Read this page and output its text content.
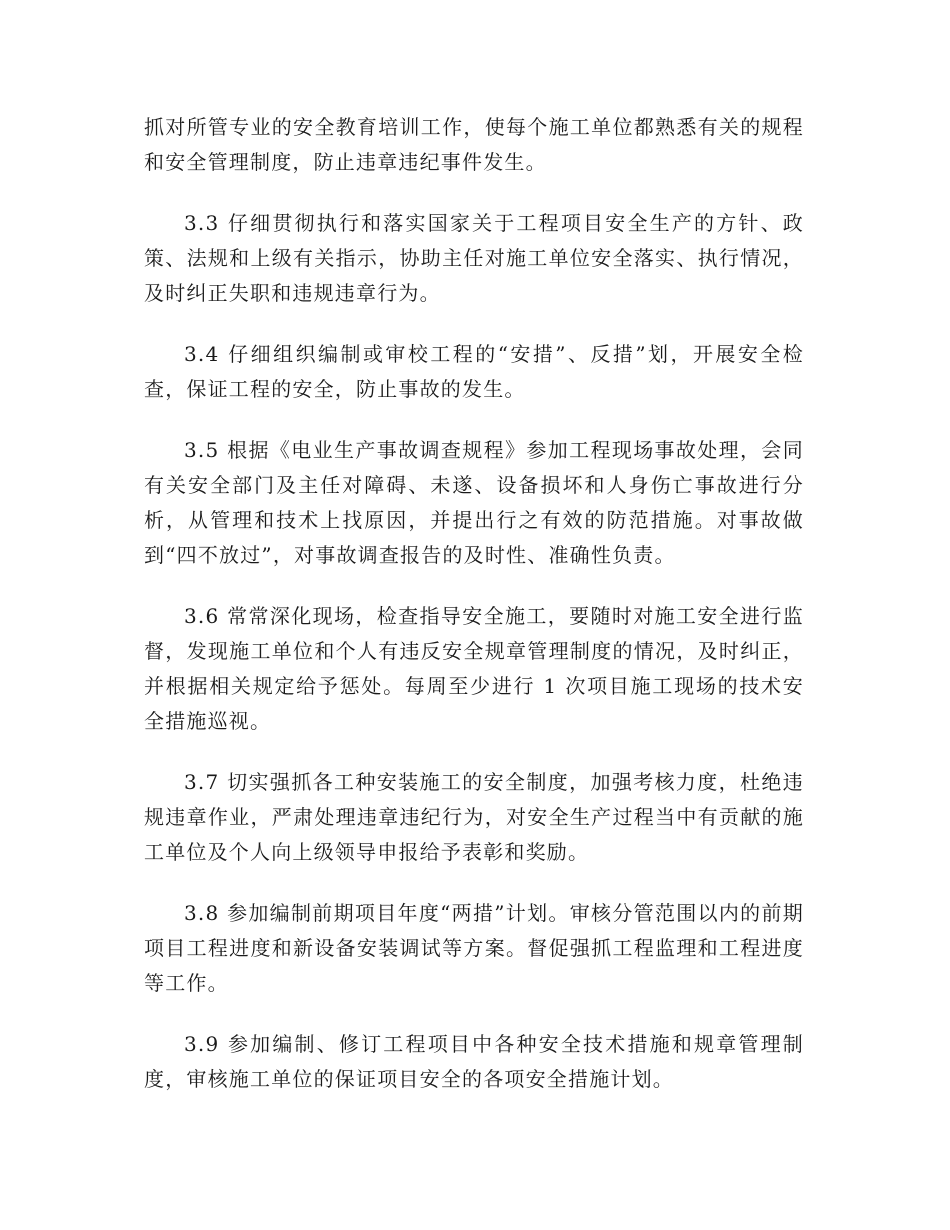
抓对所管专业的安全教育培训工作，使每个施工单位都熟悉有关的规程和安全管理制度，防止违章违纪事件发生。

3.3 仔细贯彻执行和落实国家关于工程项目安全生产的方针、政策、法规和上级有关指示，协助主任对施工单位安全落实、执行情况，及时纠正失职和违规违章行为。

3.4 仔细组织编制或审校工程的“安措”、反措”划，开展安全检查，保证工程的安全，防止事故的发生。

3.5 根据《电业生产事故调查规程》参加工程现场事故处理，会同有关安全部门及主任对障碍、未遂、设备损坏和人身伤亡事故进行分析，从管理和技术上找原因，并提出行之有效的防范措施。对事故做到“四不放过”，对事故调查报告的及时性、准确性负责。

3.6 常常深化现场，检查指导安全施工，要随时对施工安全进行监督，发现施工单位和个人有违反安全规章管理制度的情况，及时纠正，并根据相关规定给予惩处。每周至少进行 1 次项目施工现场的技术安全措施巡视。

3.7 切实强抓各工种安装施工的安全制度，加强考核力度，杜绝违规违章作业，严肃处理违章违纪行为，对安全生产过程当中有贡献的施工单位及个人向上级领导申报给予表彰和奖励。

3.8 参加编制前期项目年度“两措”计划。审核分管范围以内的前期项目工程进度和新设备安装调试等方案。督促强抓工程监理和工程进度等工作。

3.9 参加编制、修订工程项目中各种安全技术措施和规章管理制度，审核施工单位的保证项目安全的各项安全措施计划。
